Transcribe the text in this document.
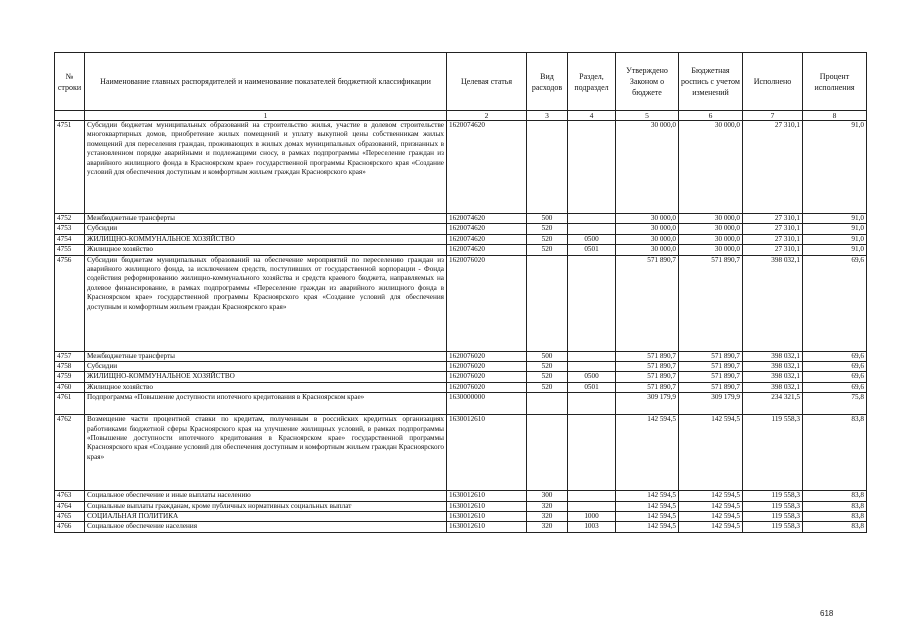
№ строки	Наименование главных распорядителей и наименование показателей бюджетной классификации	Целевая статья	Вид расходов	Раздел, подраздел	Утверждено Законом о бюджете	Бюджетная роспись с учетом изменений	Исполнено	Процент исполнения
	1	2	3	4	5	6	7	8
4751	Субсидии бюджетам муниципальных образований на строительство жилья, участие в долевом строительстве многоквартирных домов, приобретение жилых помещений и уплату выкупной цены собственникам жилых помещений для переселения граждан, проживающих в жилых домах муниципальных образований, признанных в установленном порядке аварийными и подлежащими сносу, в рамках подпрограммы «Переселение граждан из аварийного жилищного фонда в Красноярском крае» государственной программы Красноярского края «Создание условий для обеспечения доступным и комфортным жильем граждан Красноярского края»	1620074620			30 000,0	30 000,0	27 310,1	91,0
4752	Межбюджетные трансферты	1620074620	500		30 000,0	30 000,0	27 310,1	91,0
4753	Субсидии	1620074620	520		30 000,0	30 000,0	27 310,1	91,0
4754	ЖИЛИЩНО-КОММУНАЛЬНОЕ ХОЗЯЙСТВО	1620074620	520	0500	30 000,0	30 000,0	27 310,1	91,0
4755	Жилищное хозяйство	1620074620	520	0501	30 000,0	30 000,0	27 310,1	91,0
4756	Субсидии бюджетам муниципальных образований на обеспечение мероприятий по переселению граждан из аварийного жилищного фонда, за исключением средств, поступивших от государственной корпорации - Фонда содействия реформированию жилищно-коммунального хозяйства и средств краевого бюджета, направляемых на долевое финансирование, в рамках подпрограммы «Переселение граждан из аварийного жилищного фонда в Красноярском крае» государственной программы Красноярского края «Создание условий для обеспечения доступным и комфортным жильем граждан Красноярского края»	1620076020			571 890,7	571 890,7	398 032,1	69,6
4757	Межбюджетные трансферты	1620076020	500		571 890,7	571 890,7	398 032,1	69,6
4758	Субсидии	1620076020	520		571 890,7	571 890,7	398 032,1	69,6
4759	ЖИЛИЩНО-КОММУНАЛЬНОЕ ХОЗЯЙСТВО	1620076020	520	0500	571 890,7	571 890,7	398 032,1	69,6
4760	Жилищное хозяйство	1620076020	520	0501	571 890,7	571 890,7	398 032,1	69,6
4761	Подпрограмма «Повышение доступности ипотечного кредитования в Красноярском крае»	1630000000			309 179,9	309 179,9	234 321,5	75,8
4762	Возмещение части процентной ставки по кредитам, полученным в российских кредитных организациях работниками бюджетной сферы Красноярского края на улучшение жилищных условий, в рамках подпрограммы «Повышение доступности ипотечного кредитования в Красноярском крае» государственной программы Красноярского края «Создание условий для обеспечения доступным и комфортным жильем граждан Красноярского края»	1630012610			142 594,5	142 594,5	119 558,3	83,8
4763	Социальное обеспечение и иные выплаты населению	1630012610	300		142 594,5	142 594,5	119 558,3	83,8
4764	Социальные выплаты гражданам, кроме публичных нормативных социальных выплат	1630012610	320		142 594,5	142 594,5	119 558,3	83,8
4765	СОЦИАЛЬНАЯ ПОЛИТИКА	1630012610	320	1000	142 594,5	142 594,5	119 558,3	83,8
4766	Социальное обеспечение населения	1630012610	320	1003	142 594,5	142 594,5	119 558,3	83,8
618
